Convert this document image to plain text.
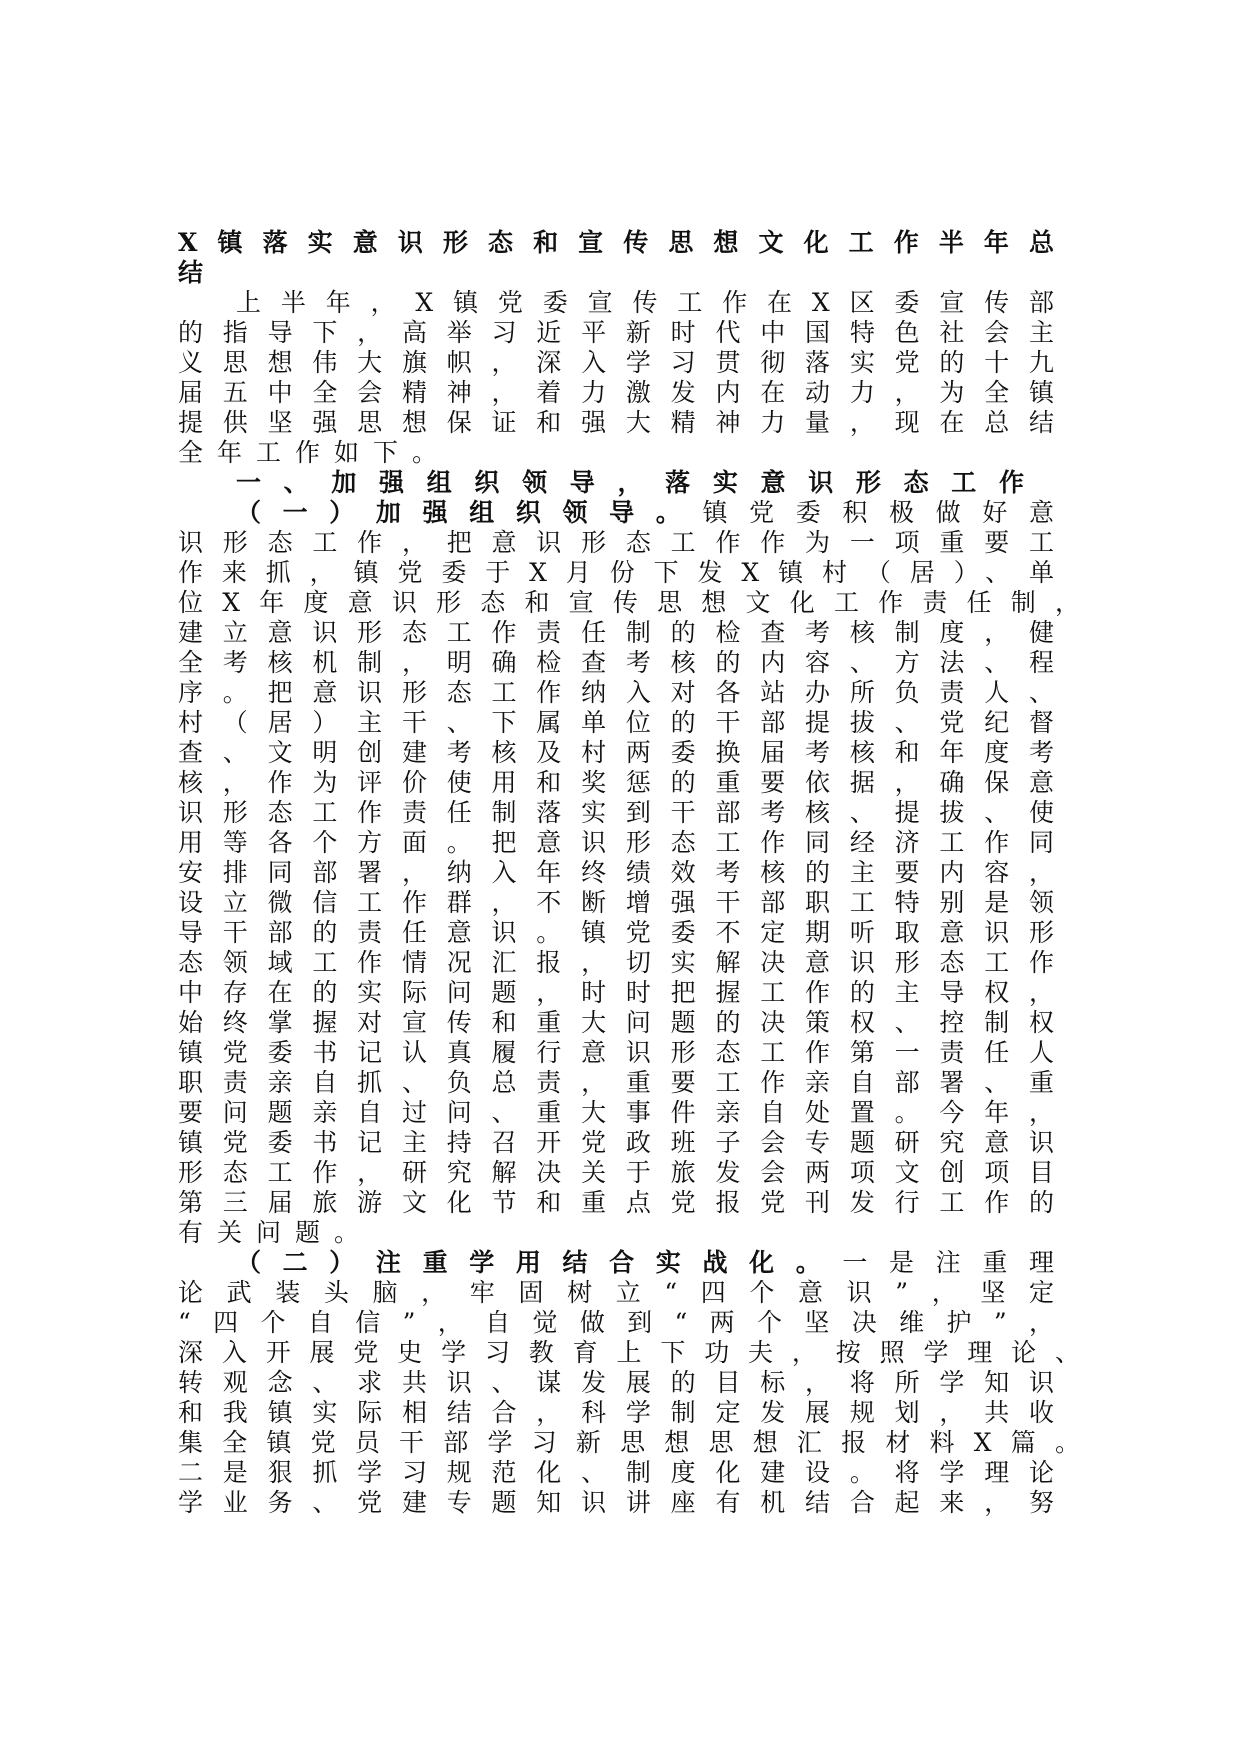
X镇落实意识形态和宣传思想文化工作半年总
结
上半年，X镇党委宣传工作在X区委宣传部
的指导下，高举习近平新时代中国特色社会主
义思想伟大旗帜，深入学习贯彻落实党的十九
届五中全会精神，着力激发内在动力，为全镇
提供坚强思想保证和强大精神力量，现在总结
全年工作如下。
一、加强组织领导，落实意识形态工作
（一）加强组织领导。镇党委积极做好意
识形态工作，把意识形态工作作为一项重要工
作来抓，镇党委于X月份下发X镇村（居）、单
位X年度意识形态和宣传思想文化工作责任制，
建立意识形态工作责任制的检查考核制度，健
全考核机制，明确检查考核的内容、方法、程
序。把意识形态工作纳入对各站办所负责人、
村（居）主干、下属单位的干部提拔、党纪督
查、文明创建考核及村两委换届考核和年度考
核，作为评价使用和奖惩的重要依据，确保意
识形态工作责任制落实到干部考核、提拔、使
用等各个方面。把意识形态工作同经济工作同
安排同部署，纳入年终绩效考核的主要内容，
设立微信工作群，不断增强干部职工特别是领
导干部的责任意识。镇党委不定期听取意识形
态领域工作情况汇报，切实解决意识形态工作
中存在的实际问题，时时把握工作的主导权，
始终掌握对宣传和重大问题的决策权、控制权
镇党委书记认真履行意识形态工作第一责任人
职责亲自抓、负总责，重要工作亲自部署、重
要问题亲自过问、重大事件亲自处置。今年，
镇党委书记主持召开党政班子会专题研究意识
形态工作，研究解决关于旅发会两项文创项目
第三届旅游文化节和重点党报党刊发行工作的
有关问题。
（二）注重学用结合实战化。一是注重理
论武装头脑，牢固树立“四个意识”，坚定
“四个自信”，自觉做到“两个坚决维护”，
深入开展党史学习教育上下功夫，按照学理论、
转观念、求共识、谋发展的目标，将所学知识
和我镇实际相结合，科学制定发展规划，共收
集全镇党员干部学习新思想思想汇报材料X篇。
二是狠抓学习规范化、制度化建设。将学理论
学业务、党建专题知识讲座有机结合起来，努
